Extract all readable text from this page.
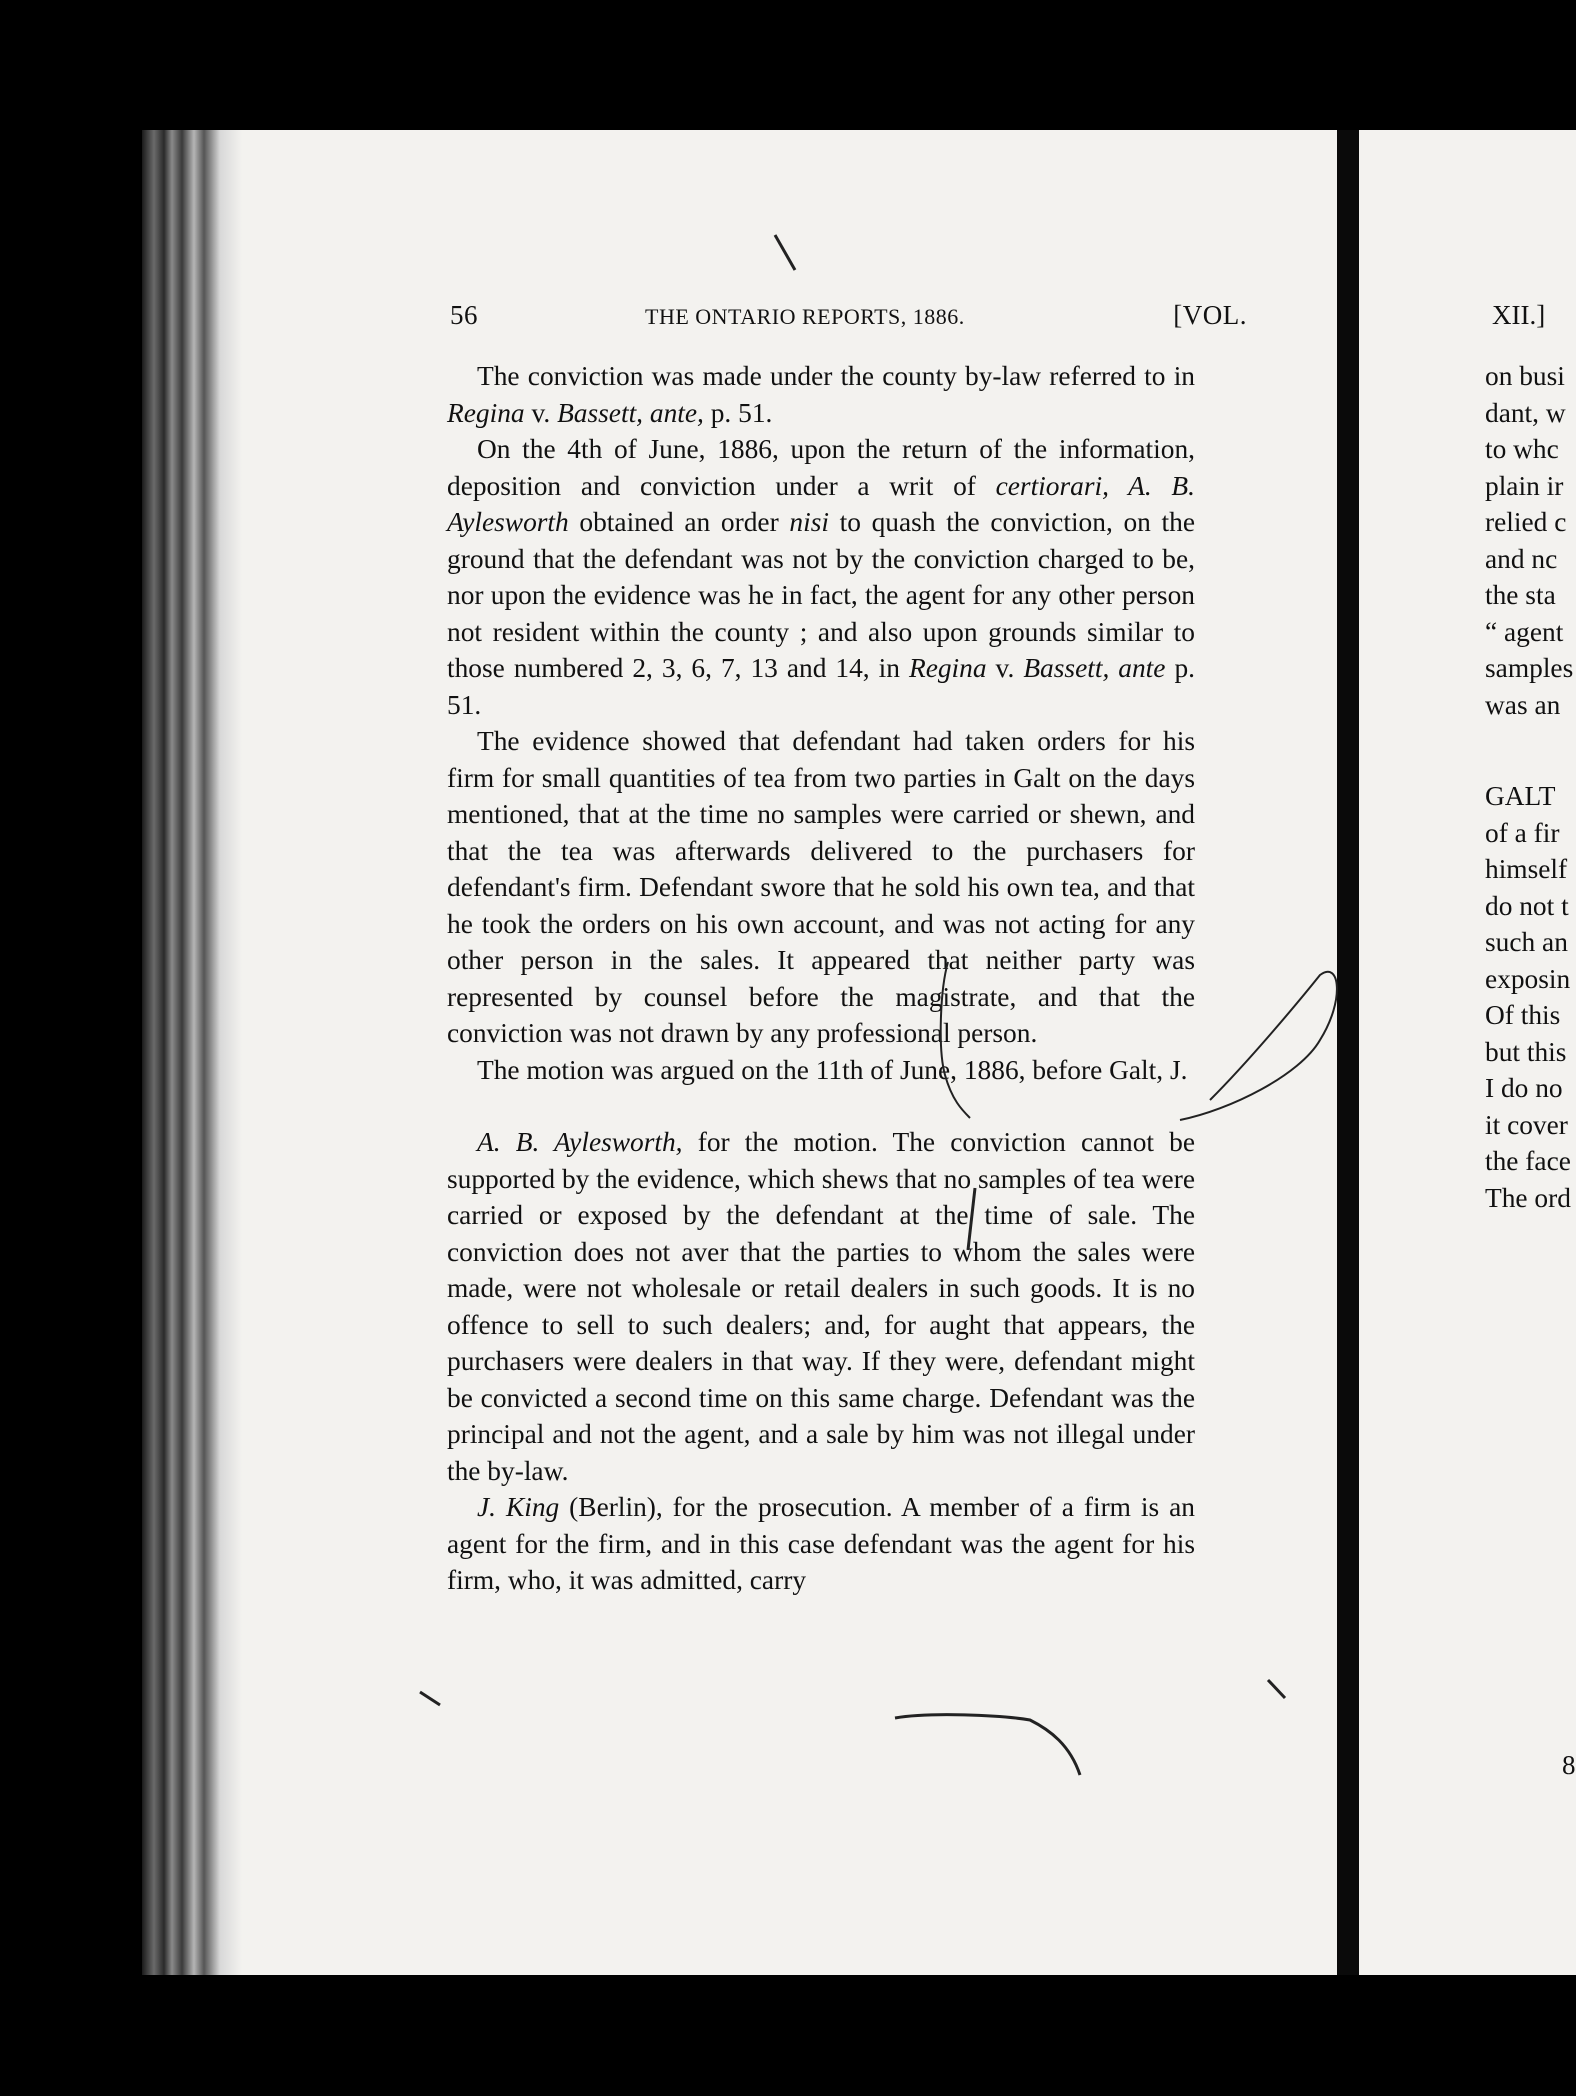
56	THE ONTARIO REPORTS, 1886.	[VOL.

The conviction was made under the county by-law referred to in Regina v. Bassett, ante, p. 51.

On the 4th of June, 1886, upon the return of the information, deposition and conviction under a writ of certiorari, A. B. Aylesworth obtained an order nisi to quash the conviction, on the ground that the defendant was not by the conviction charged to be, nor upon the evidence was he in fact, the agent for any other person not resident within the county ; and also upon grounds similar to those numbered 2, 3, 6, 7, 13 and 14, in Regina v. Bassett, ante p. 51.

The evidence showed that defendant had taken orders for his firm for small quantities of tea from two parties in Galt on the days mentioned, that at the time no samples were carried or shewn, and that the tea was afterwards delivered to the purchasers for defendant's firm. Defendant swore that he sold his own tea, and that he took the orders on his own account, and was not acting for any other person in the sales. It appeared that neither party was represented by counsel before the magistrate, and that the conviction was not drawn by any professional person.

The motion was argued on the 11th of June, 1886, before Galt, J.

A. B. Aylesworth, for the motion. The conviction cannot be supported by the evidence, which shews that no samples of tea were carried or exposed by the defendant at the time of sale. The conviction does not aver that the parties to whom the sales were made, were not wholesale or retail dealers in such goods. It is no offence to sell to such dealers; and, for aught that appears, the purchasers were dealers in that way. If they were, defendant might be convicted a second time on this same charge. Defendant was the principal and not the agent, and a sale by him was not illegal under the by-law.

J. King (Berlin), for the prosecution. A member of a firm is an agent for the firm, and in this case defendant was the agent for his firm, who, it was admitted, carry

XII.]
on busi
dant, w
to whc
plain ir
relied c
and nc
the sta
“ agent
samples
was an
GALT
of a fir
himself
do not t
such an
exposin
Of this
but this
I do no
it cover
the face
The ord
8
